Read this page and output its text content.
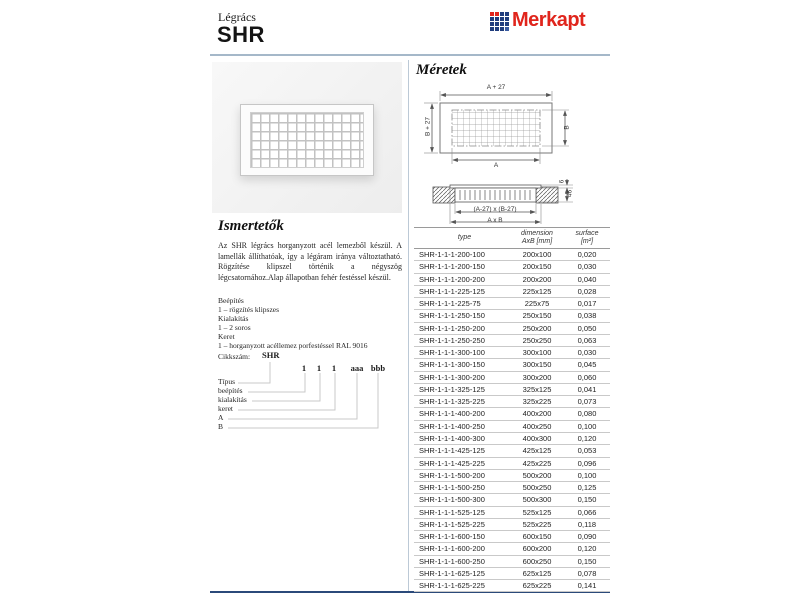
Légrács
SHR
Merkapt
Ismertetők
Az SHR légrács horganyzott acél lemezből készül. A lamellák állíthatóak, így a légáram iránya változtatható. Rögzítése klipszel történik a négyszög légcsatornához.Alap állapotban fehér festéssel készül.
Beépítés
1 – rögzítés klipszes
Kialakítás
1 – 2 soros
Keret
1 – horganyzott acéllemez porfestéssel RAL 9016
Cikkszám: SHR
1	1	1	aaa bbb
Típus
beépítés
kialakítás
keret
A
B
Méretek
A + 27
B + 27	B
A
6
46
(A-27) x (B-27)
A x B
type
dimension
AxB [mm]
surface
[m²]
SHR-1-1-1-200-100	200x100	0,020
SHR-1-1-1-200-150	200x150	0,030
SHR-1-1-1-200-200	200x200	0,040
SHR-1-1-1-225-125	225x125	0,028
SHR-1-1-1-225-75	225x75	0,017
SHR-1-1-1-250-150	250x150	0,038
SHR-1-1-1-250-200	250x200	0,050
SHR-1-1-1-250-250	250x250	0,063
SHR-1-1-1-300-100	300x100	0,030
SHR-1-1-1-300-150	300x150	0,045
SHR-1-1-1-300-200	300x200	0,060
SHR-1-1-1-325-125	325x125	0,041
SHR-1-1-1-325-225	325x225	0,073
SHR-1-1-1-400-200	400x200	0,080
SHR-1-1-1-400-250	400x250	0,100
SHR-1-1-1-400-300	400x300	0,120
SHR-1-1-1-425-125	425x125	0,053
SHR-1-1-1-425-225	425x225	0,096
SHR-1-1-1-500-200	500x200	0,100
SHR-1-1-1-500-250	500x250	0,125
SHR-1-1-1-500-300	500x300	0,150
SHR-1-1-1-525-125	525x125	0,066
SHR-1-1-1-525-225	525x225	0,118
SHR-1-1-1-600-150	600x150	0,090
SHR-1-1-1-600-200	600x200	0,120
SHR-1-1-1-600-250	600x250	0,150
SHR-1-1-1-625-125	625x125	0,078
SHR-1-1-1-625-225	625x225	0,141
